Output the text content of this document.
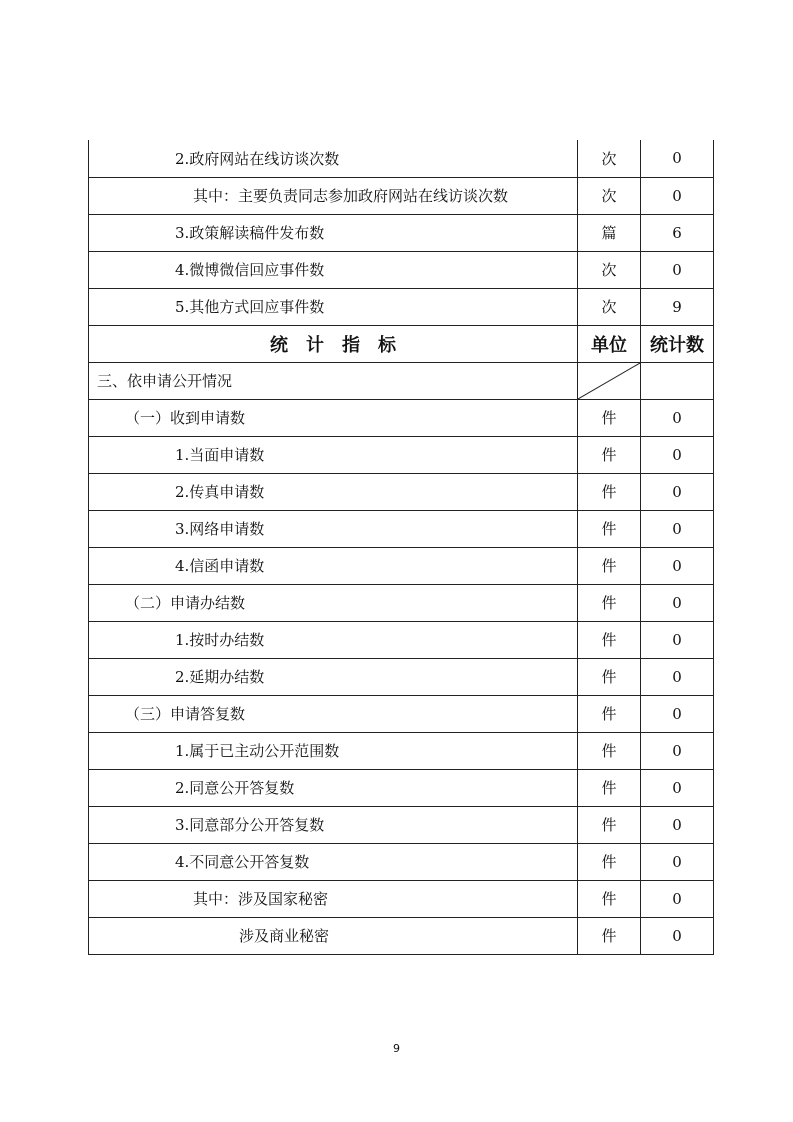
2.政府网站在线访谈次数	次	0
其中：主要负责同志参加政府网站在线访谈次数	次	0
3.政策解读稿件发布数	篇	6
4.微博微信回应事件数	次	0
5.其他方式回应事件数	次	9
统计指标	单位	统计数
三、依申请公开情况	

（一）收到申请数	件	0
1.当面申请数	件	0
2.传真申请数	件	0
3.网络申请数	件	0
4.信函申请数	件	0
（二）申请办结数	件	0
1.按时办结数	件	0
2.延期办结数	件	0
（三）申请答复数	件	0
1.属于已主动公开范围数	件	0
2.同意公开答复数	件	0
3.同意部分公开答复数	件	0
4.不同意公开答复数	件	0
其中：涉及国家秘密	件	0
涉及商业秘密	件	0
9
